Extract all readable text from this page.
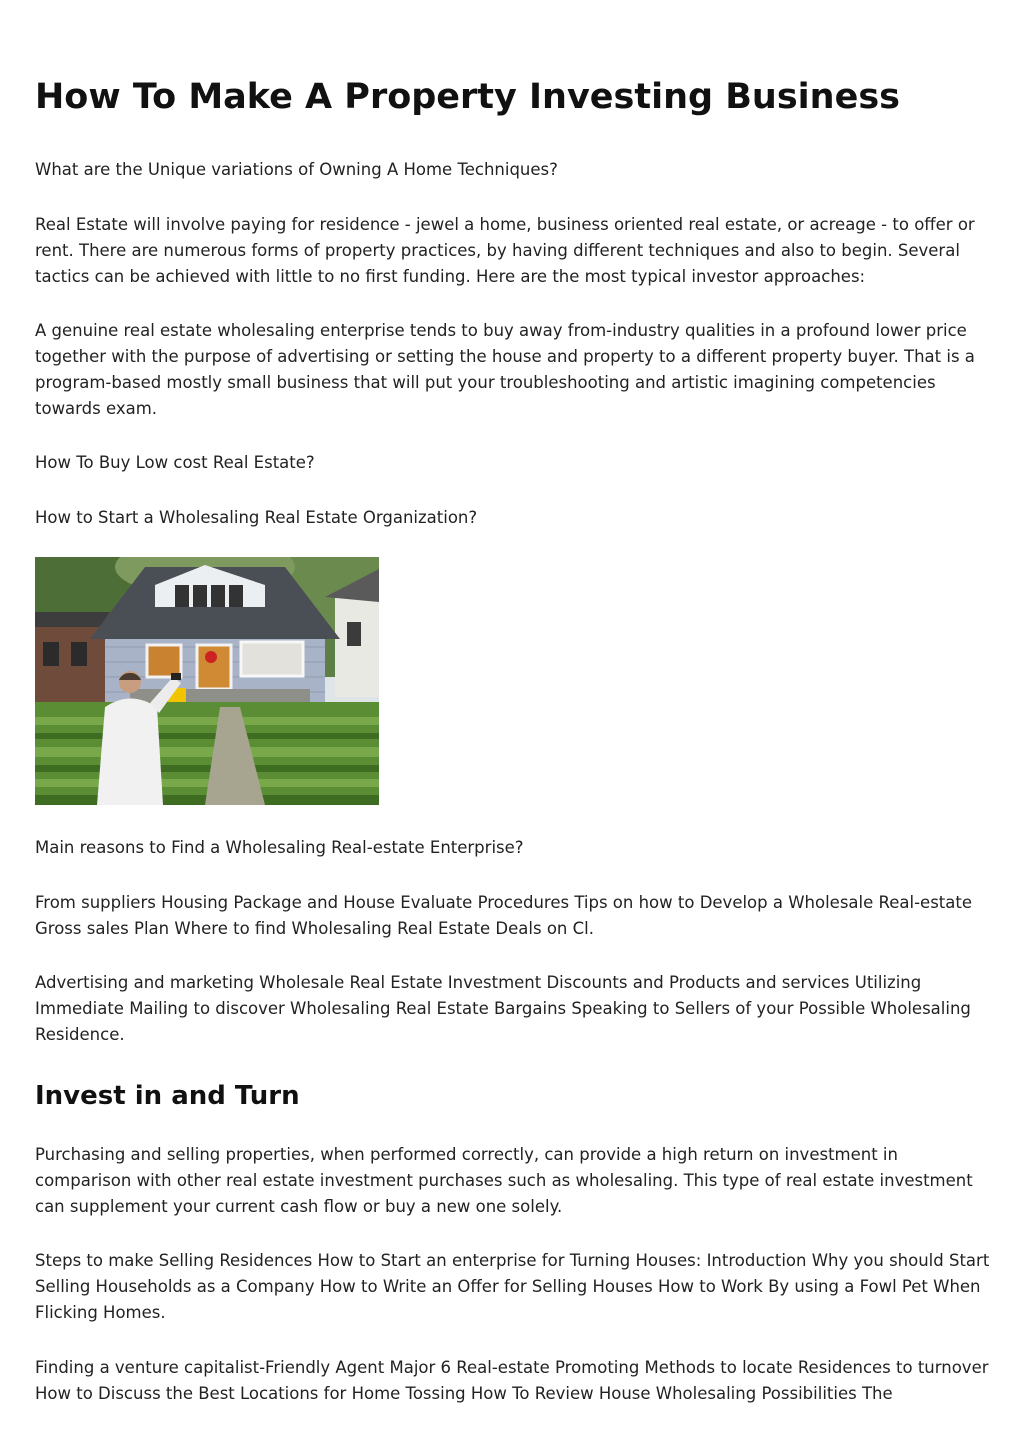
How To Make A Property Investing Business

What are the Unique variations of Owning A Home Techniques?

Real Estate will involve paying for residence - jewel a home, business oriented real estate, or acreage - to offer or rent. There are numerous forms of property practices, by having different techniques and also to begin. Several tactics can be achieved with little to no first funding. Here are the most typical investor approaches:

A genuine real estate wholesaling enterprise tends to buy away from-industry qualities in a profound lower price together with the purpose of advertising or setting the house and property to a different property buyer. That is a program-based mostly small business that will put your troubleshooting and artistic imagining competencies towards exam.

How To Buy Low cost Real Estate?

How to Start a Wholesaling Real Estate Organization?

Main reasons to Find a Wholesaling Real-estate Enterprise?

From suppliers Housing Package and House Evaluate Procedures Tips on how to Develop a Wholesale Real-estate Gross sales Plan Where to find Wholesaling Real Estate Deals on Cl.

Advertising and marketing Wholesale Real Estate Investment Discounts and Products and services Utilizing Immediate Mailing to discover Wholesaling Real Estate Bargains Speaking to Sellers of your Possible Wholesaling Residence.

Invest in and Turn

Purchasing and selling properties, when performed correctly, can provide a high return on investment in comparison with other real estate investment purchases such as wholesaling. This type of real estate investment can supplement your current cash flow or buy a new one solely.

Steps to make Selling Residences How to Start an enterprise for Turning Houses: Introduction Why you should Start Selling Households as a Company How to Write an Offer for Selling Houses How to Work By using a Fowl Pet When Flicking Homes.

Finding a venture capitalist-Friendly Agent Major 6 Real-estate Promoting Methods to locate Residences to turnover How to Discuss the Best Locations for Home Tossing How To Review House Wholesaling Possibilities The
